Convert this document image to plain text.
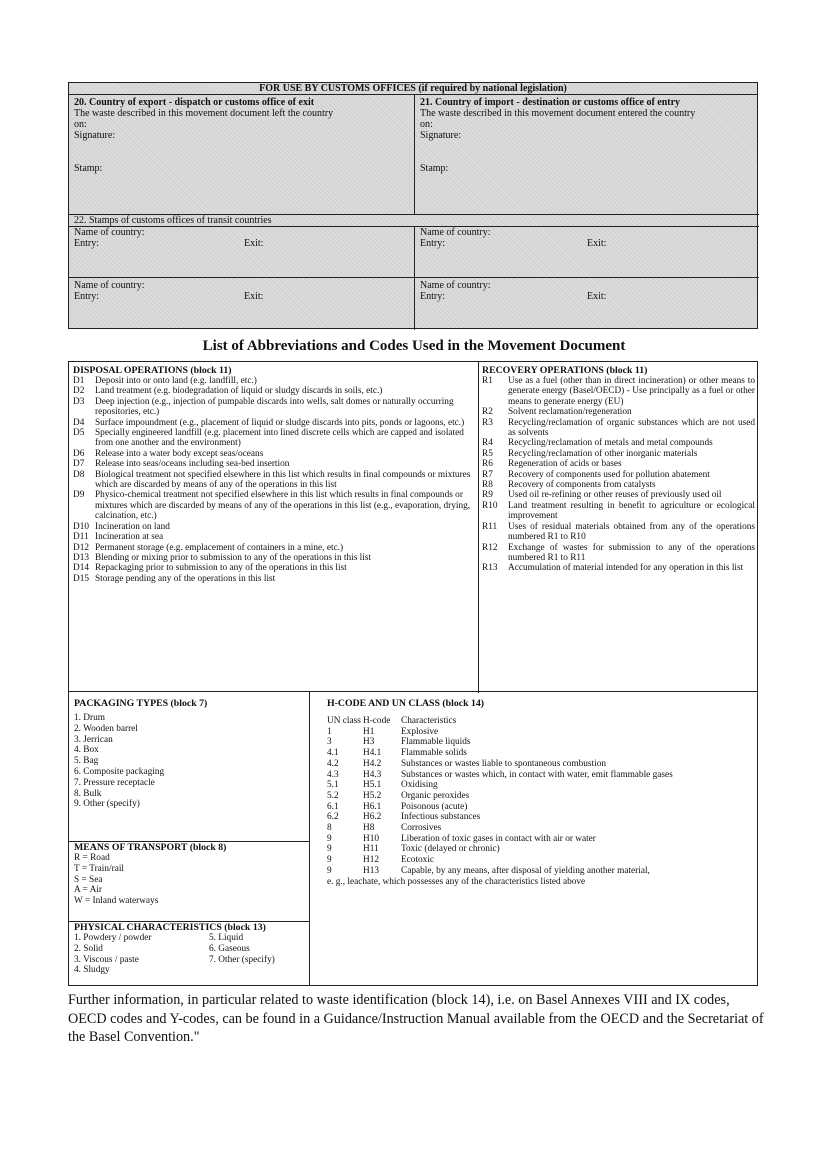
FOR USE BY CUSTOMS OFFICES (if required by national legislation)
20. Country of export - dispatch or customs office of exit
The waste described in this movement document left the country on:
Signature:
Stamp:
21. Country of import - destination or customs office of entry
The waste described in this movement document entered the country on:
Signature:
Stamp:
22. Stamps of customs offices of transit countries
Name of country:
Entry:	Exit:
Name of country:
Entry:	Exit:
Name of country:
Entry:	Exit:
Name of country:
Entry:	Exit:
List of Abbreviations and Codes Used in the Movement Document
DISPOSAL OPERATIONS (block 11)
D1	Deposit into or onto land (e.g. landfill, etc.)
D2	Land treatment (e.g. biodegradation of liquid or sludgy discards in soils, etc.)
D3	Deep injection (e.g., injection of pumpable discards into wells, salt domes or naturally occurring repositories, etc.)
D4	Surface impoundment (e.g., placement of liquid or sludge discards into pits, ponds or lagoons, etc.)
D5	Specially engineered landfill (e.g. placement into lined discrete cells which are capped and isolated from one another and the environment)
D6	Release into a water body except seas/oceans
D7	Release into seas/oceans including sea-bed insertion
D8	Biological treatment not specified elsewhere in this list which results in final compounds or mixtures which are discarded by means of any of the operations in this list
D9	Physico-chemical treatment not specified elsewhere in this list which results in final compounds or mixtures which are discarded by means of any of the operations in this list (e.g., evaporation, drying, calcination, etc.)
D10 Incineration on land
D11 Incineration at sea
D12 Permanent storage (e.g. emplacement of containers in a mine, etc.)
D13 Blending or mixing prior to submission to any of the operations in this list
D14 Repackaging prior to submission to any of the operations in this list
D15 Storage pending any of the operations in this list
RECOVERY OPERATIONS (block 11)
R1	Use as a fuel (other than in direct incineration) or other means to generate energy (Basel/OECD) - Use principally as a fuel or other means to generate energy (EU)
R2	Solvent reclamation/regeneration
R3	Recycling/reclamation of organic substances which are not used as solvents
R4	Recycling/reclamation of metals and metal compounds
R5	Recycling/reclamation of other inorganic materials
R6	Regeneration of acids or bases
R7	Recovery of components used for pollution abatement
R8	Recovery of components from catalysts
R9	Used oil re-refining or other reuses of previously used oil
R10	Land treatment resulting in benefit to agriculture or ecological improvement
R11	Uses of residual materials obtained from any of the operations numbered R1 to R10
R12	Exchange of wastes for submission to any of the operations numbered R1 to R11
R13	Accumulation of material intended for any operation in this list
PACKAGING TYPES (block 7)
1. Drum
2. Wooden barrel
3. Jerrican
4. Box
5. Bag
6. Composite packaging
7. Pressure receptacle
8. Bulk
9. Other (specify)
MEANS OF TRANSPORT (block 8)
R = Road
T = Train/rail
S = Sea
A = Air
W = Inland waterways
PHYSICAL CHARACTERISTICS (block 13)
1. Powdery / powder
2. Solid
3. Viscous / paste
4. Sludgy
5. Liquid
6. Gaseous
7. Other (specify)
H-CODE AND UN CLASS (block 14)
UN class H-code	Characteristics
1	H1	Explosive
3	H3	Flammable liquids
4.1	H4.1	Flammable solids
4.2	H4.2	Substances or wastes liable to spontaneous combustion
4.3	H4.3	Substances or wastes which, in contact with water, emit flammable gases
5.1	H5.1	Oxidising
5.2	H5.2	Organic peroxides
6.1	H6.1	Poisonous (acute)
6.2	H6.2	Infectious substances
8	H8	Corrosives
9	H10	Liberation of toxic gases in contact with air or water
9	H11	Toxic (delayed or chronic)
9	H12	Ecotoxic
9	H13	Capable, by any means, after disposal of yielding another material,
e. g., leachate, which possesses any of the characteristics listed above
Further information, in particular related to waste identification (block 14), i.e. on Basel Annexes VIII and IX codes, OECD codes and Y-codes, can be found in a Guidance/Instruction Manual available from the OECD and the Secretariat of the Basel Convention."
